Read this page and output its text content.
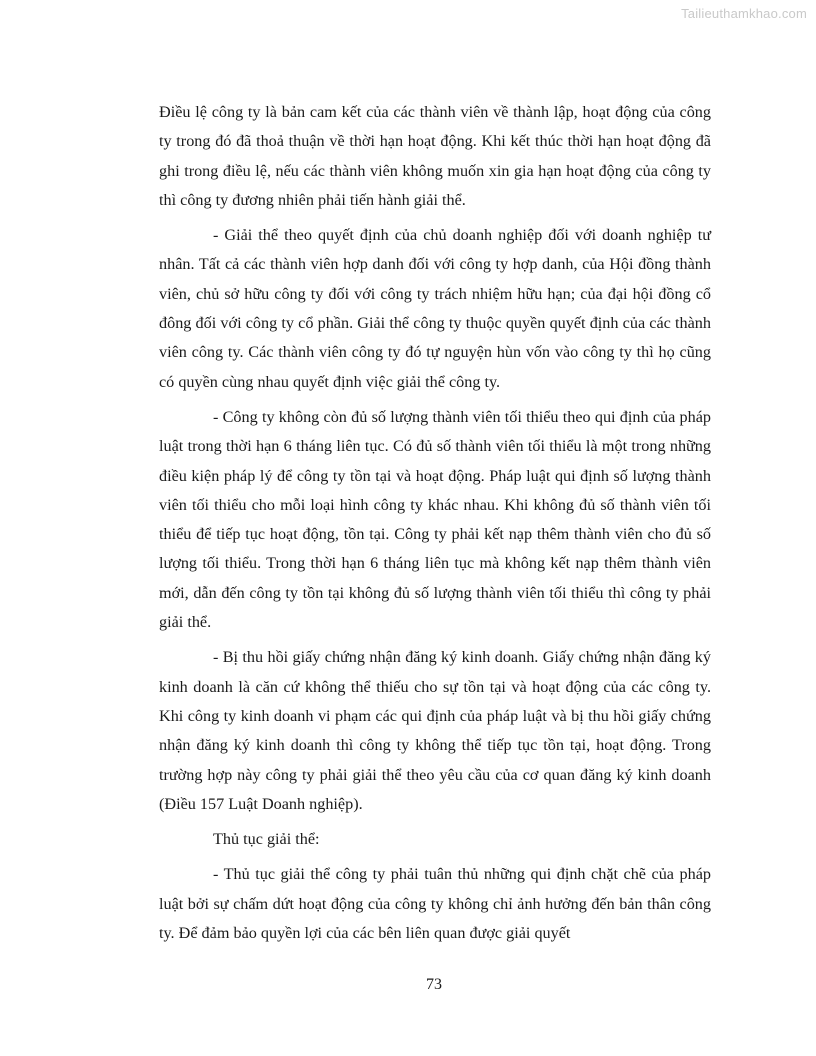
Tailieuthamkhao.com

Điều lệ công ty là bản cam kết của các thành viên về thành lập, hoạt động của công ty trong đó đã thoả thuận về thời hạn hoạt động. Khi kết thúc thời hạn hoạt động đã ghi trong điều lệ, nếu các thành viên không muốn xin gia hạn hoạt động của công ty thì công ty đương nhiên phải tiến hành giải thể.

- Giải thể theo quyết định của chủ doanh nghiệp đối với doanh nghiệp tư nhân. Tất cả các thành viên hợp danh đối với công ty hợp danh, của Hội đồng thành viên, chủ sở hữu công ty đối với công ty trách nhiệm hữu hạn; của đại hội đồng cổ đông đối với công ty cổ phần. Giải thể công ty thuộc quyền quyết định của các thành viên công ty. Các thành viên công ty đó tự nguyện hùn vốn vào công ty thì họ cũng có quyền cùng nhau quyết định việc giải thể công ty.

- Công ty không còn đủ số lượng thành viên tối thiểu theo qui định của pháp luật trong thời hạn 6 tháng liên tục. Có đủ số thành viên tối thiểu là một trong những điều kiện pháp lý để công ty tồn tại và hoạt động. Pháp luật qui định số lượng thành viên tối thiểu cho mỗi loại hình công ty khác nhau. Khi không đủ số thành viên tối thiểu để tiếp tục hoạt động, tồn tại. Công ty phải kết nạp thêm thành viên cho đủ số lượng tối thiểu. Trong thời hạn 6 tháng liên tục mà không kết nạp thêm thành viên mới, dẫn đến công ty tồn tại không đủ số lượng thành viên tối thiểu thì công ty phải giải thể.

- Bị thu hồi giấy chứng nhận đăng ký kinh doanh. Giấy chứng nhận đăng ký kinh doanh là căn cứ không thể thiếu cho sự tồn tại và hoạt động của các công ty. Khi công ty kinh doanh vi phạm các qui định của pháp luật và bị thu hồi giấy chứng nhận đăng ký kinh doanh thì công ty không thể tiếp tục tồn tại, hoạt động. Trong trường hợp này công ty phải giải thể theo yêu cầu của cơ quan đăng ký kinh doanh (Điều 157 Luật Doanh nghiệp).

Thủ tục giải thể:

- Thủ tục giải thể công ty phải tuân thủ những qui định chặt chẽ của pháp luật bởi sự chấm dứt hoạt động của công ty không chỉ ảnh hưởng đến bản thân công ty. Để đảm bảo quyền lợi của các bên liên quan được giải quyết

73
